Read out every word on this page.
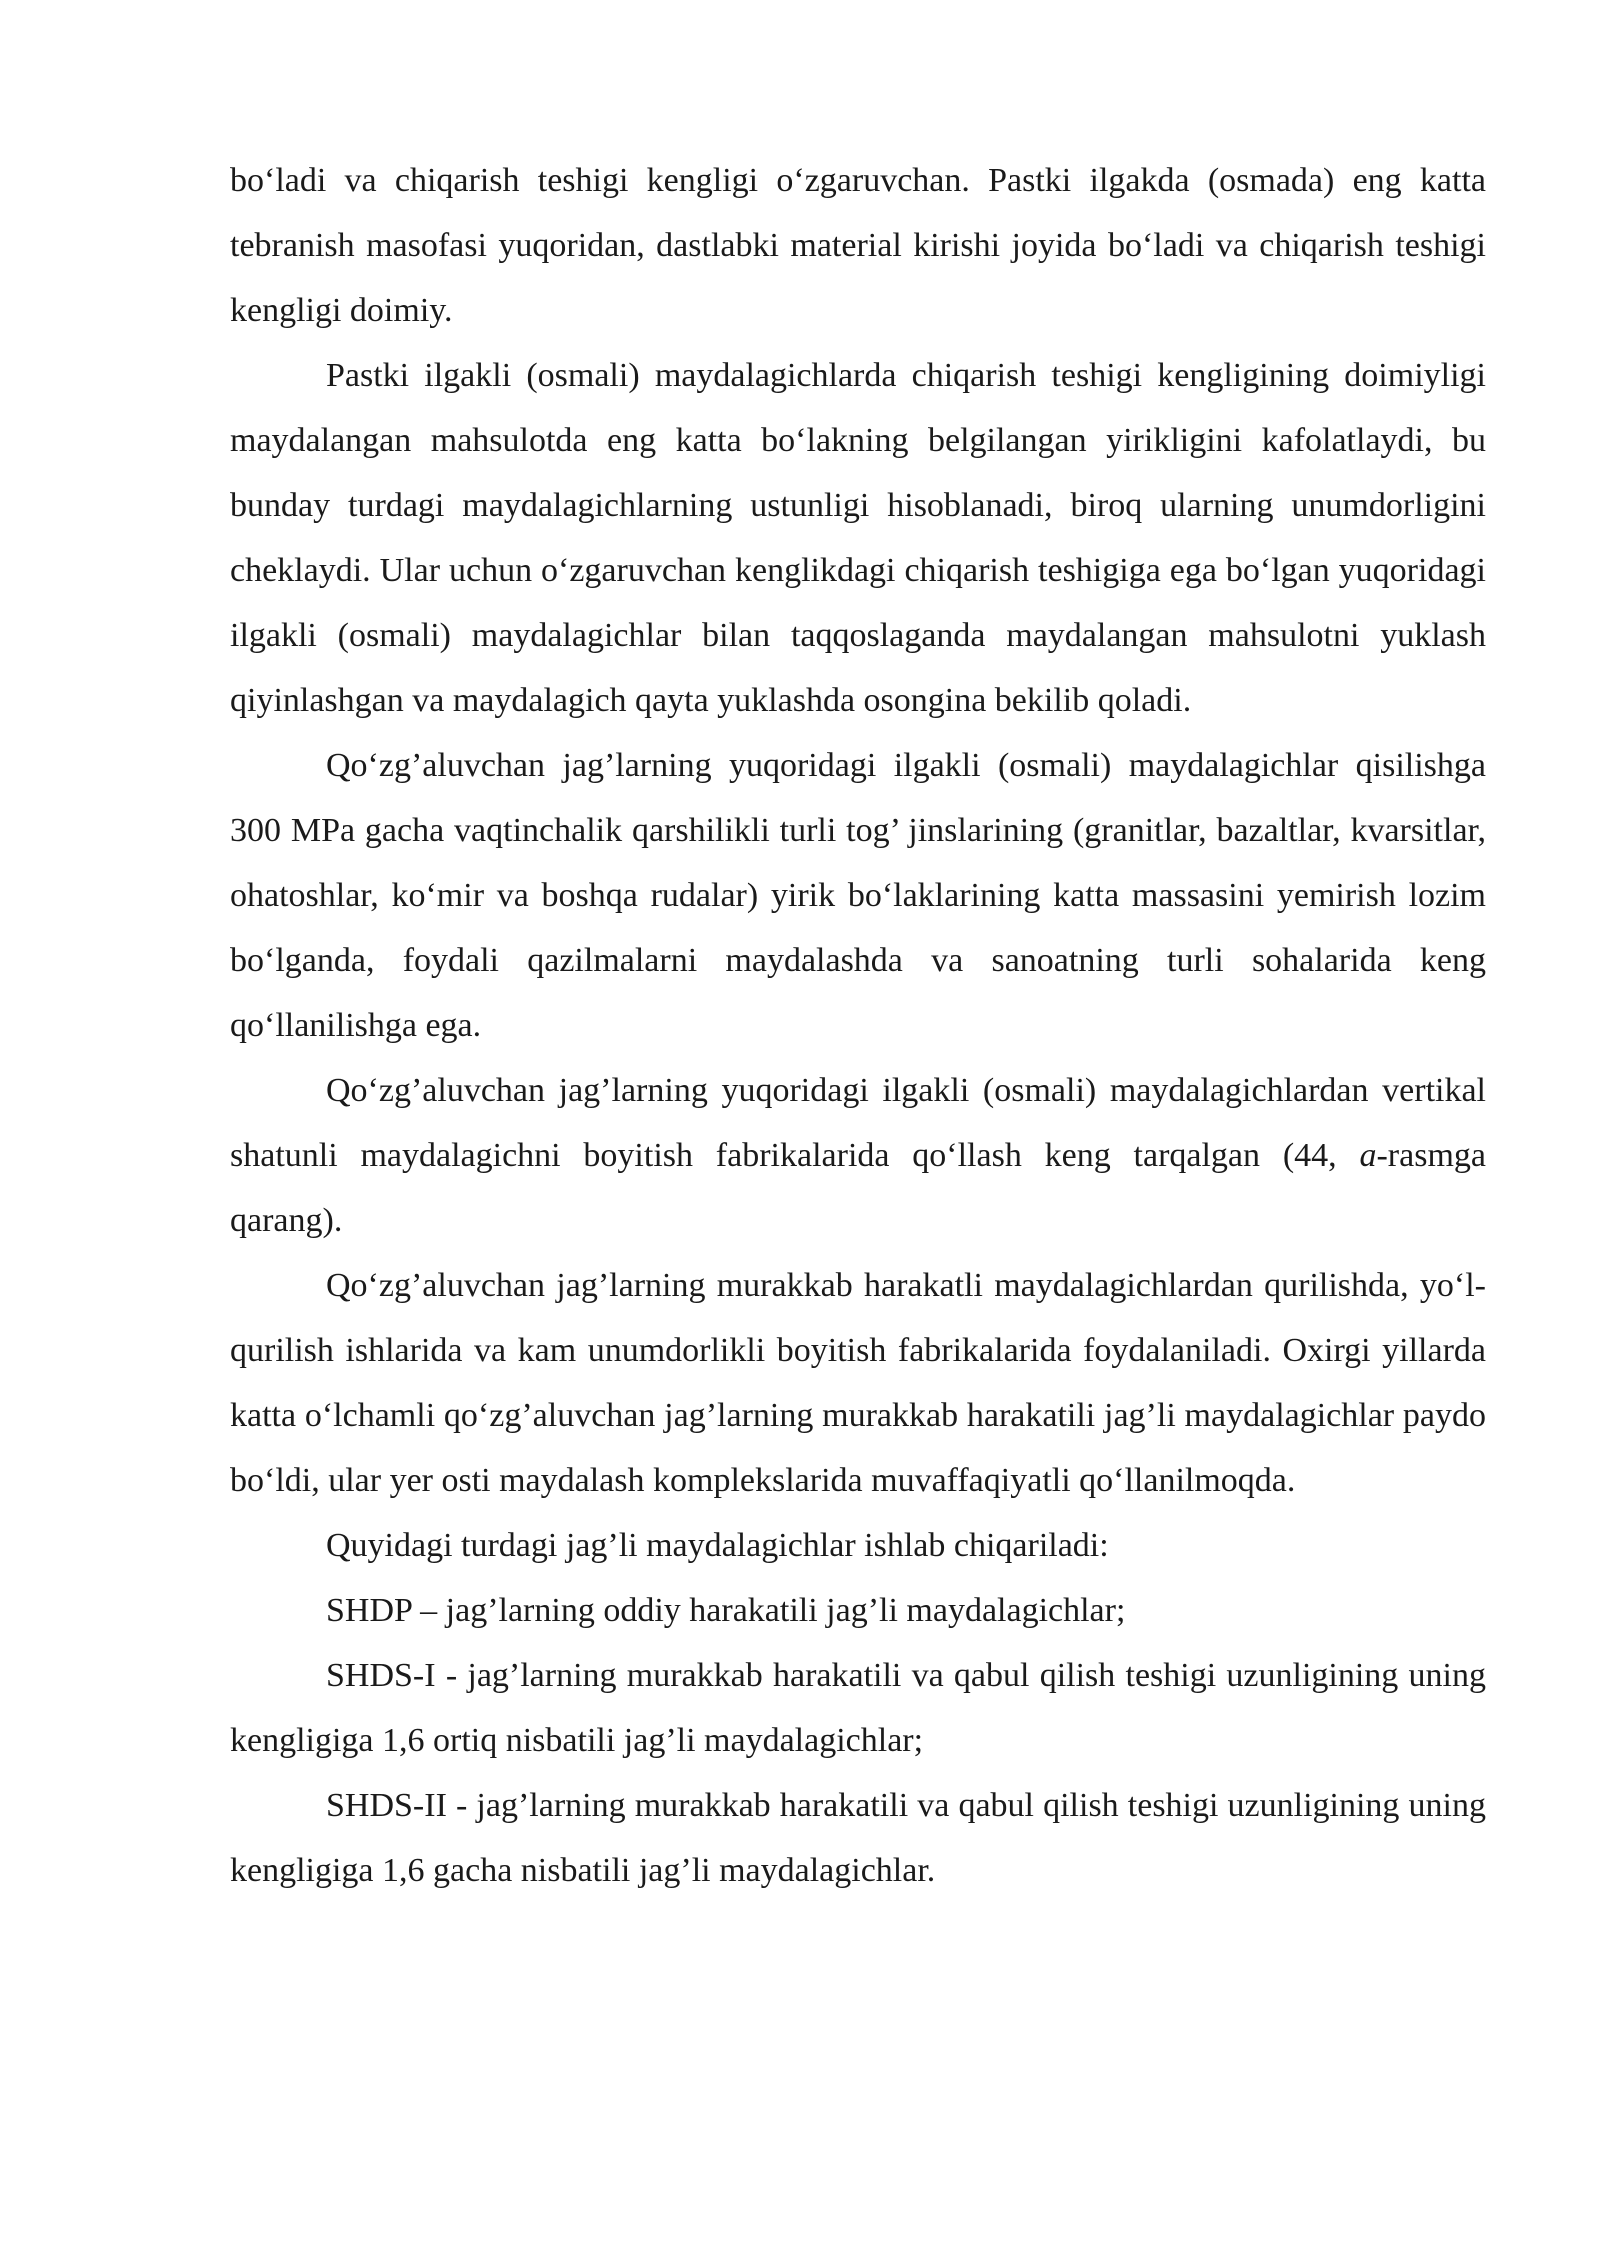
bo‘ladi va chiqarish teshigi kengligi o‘zgaruvchan. Pastki ilgakda (osmada) eng katta tebranish masofasi yuqoridan, dastlabki material kirishi joyida bo‘ladi va chiqarish teshigi kengligi doimiy.

Pastki ilgakli (osmali) maydalagichlarda chiqarish teshigi kengligining doimiyligi maydalangan mahsulotda eng katta bo‘lakning belgilangan yirikligini kafolatlaydi, bu bunday turdagi maydalagichlarning ustunligi hisoblanadi, biroq ularning unumdorligini cheklaydi. Ular uchun o‘zgaruvchan kenglikdagi chiqarish teshigiga ega bo‘lgan yuqoridagi ilgakli (osmali) maydalagichlar bilan taqqoslaganda maydalangan mahsulotni yuklash qiyinlashgan va maydalagich qayta yuklashda osongina bekilib qoladi.

Qo‘zg’aluvchan jag’larning yuqoridagi ilgakli (osmali) maydalagichlar qisilishga 300 MPa gacha vaqtinchalik qarshilikli turli tog’ jinslarining (granitlar, bazaltlar, kvarsitlar, ohatoshlar, ko‘mir va boshqa rudalar) yirik bo‘laklarining katta massasini yemirish lozim bo‘lganda, foydali qazilmalarni maydalashda va sanoatning turli sohalarida keng qo‘llanilishga ega.

Qo‘zg’aluvchan jag’larning yuqoridagi ilgakli (osmali) maydalagichlardan vertikal shatunli maydalagichni boyitish fabrikalarida qo‘llash keng tarqalgan (44, a-rasmga qarang).

Qo‘zg’aluvchan jag’larning murakkab harakatli maydalagichlardan qurilishda, yo‘l-qurilish ishlarida va kam unumdorlikli boyitish fabrikalarida foydalaniladi. Oxirgi yillarda katta o‘lchamli qo‘zg’aluvchan jag’larning murakkab harakatili jag’li maydalagichlar paydo bo‘ldi, ular yer osti maydalash komplekslarida muvaffaqiyatli qo‘llanilmoqda.

Quyidagi turdagi jag’li maydalagichlar ishlab chiqariladi:

SHDP – jag’larning oddiy harakatili jag’li maydalagichlar;

SHDS-I - jag’larning murakkab harakatili va qabul qilish teshigi uzunligining uning kengligiga 1,6 ortiq nisbatili jag’li maydalagichlar;

SHDS-II - jag’larning murakkab harakatili va qabul qilish teshigi uzunligining uning kengligiga 1,6 gacha nisbatili jag’li maydalagichlar.
